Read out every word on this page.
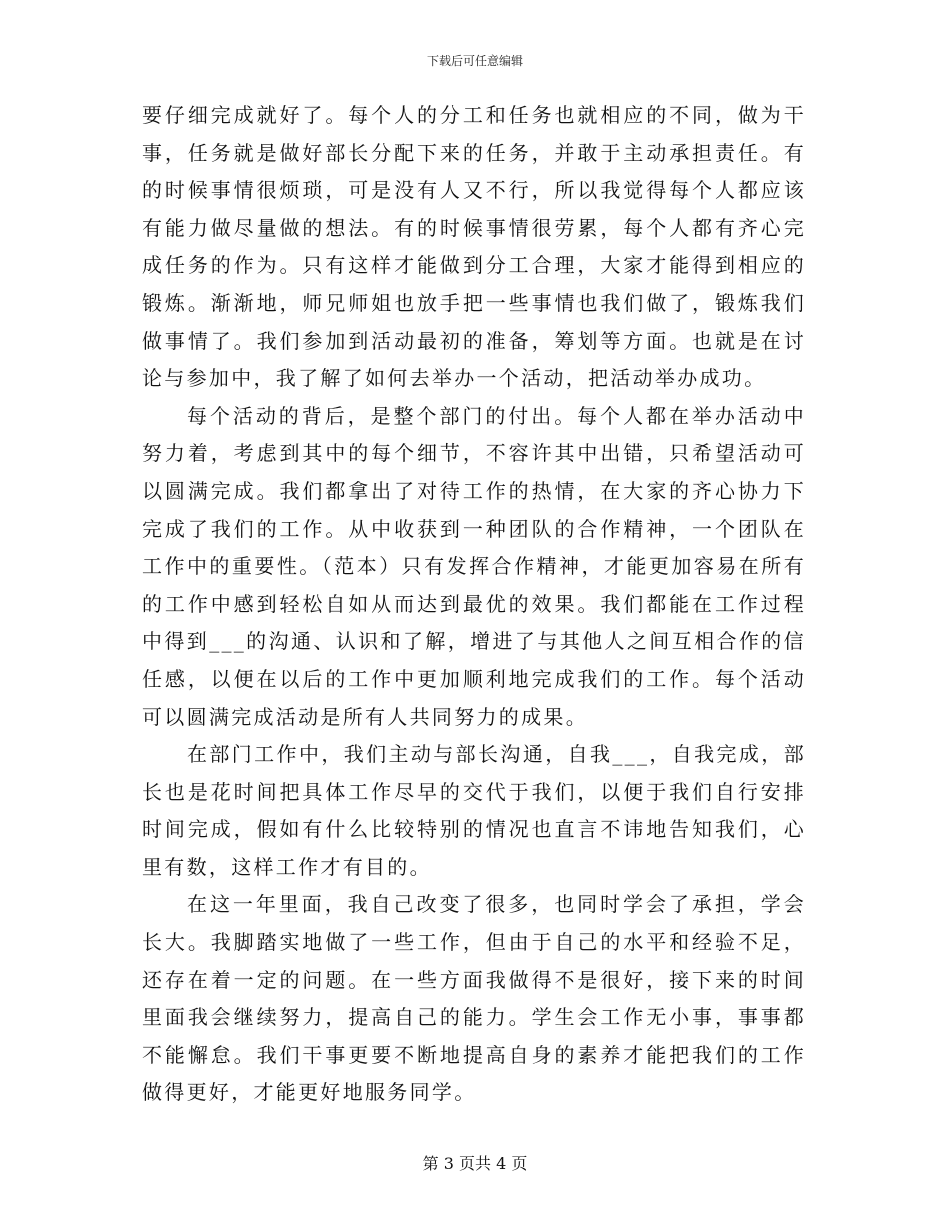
下载后可任意编辑

要仔细完成就好了。每个人的分工和任务也就相应的不同，做为干事，任务就是做好部长分配下来的任务，并敢于主动承担责任。有的时候事情很烦琐，可是没有人又不行，所以我觉得每个人都应该有能力做尽量做的想法。有的时候事情很劳累，每个人都有齐心完成任务的作为。只有这样才能做到分工合理，大家才能得到相应的锻炼。渐渐地，师兄师姐也放手把一些事情也我们做了，锻炼我们做事情了。我们参加到活动最初的准备，筹划等方面。也就是在讨论与参加中，我了解了如何去举办一个活动，把活动举办成功。

每个活动的背后，是整个部门的付出。每个人都在举办活动中努力着，考虑到其中的每个细节，不容许其中出错，只希望活动可以圆满完成。我们都拿出了对待工作的热情，在大家的齐心协力下完成了我们的工作。从中收获到一种团队的合作精神，一个团队在工作中的重要性。（范本）只有发挥合作精神，才能更加容易在所有的工作中感到轻松自如从而达到最优的效果。我们都能在工作过程中得到___的沟通、认识和了解，增进了与其他人之间互相合作的信任感，以便在以后的工作中更加顺利地完成我们的工作。每个活动可以圆满完成活动是所有人共同努力的成果。

在部门工作中，我们主动与部长沟通，自我___，自我完成，部长也是花时间把具体工作尽早的交代于我们，以便于我们自行安排时间完成，假如有什么比较特别的情况也直言不讳地告知我们，心里有数，这样工作才有目的。

在这一年里面，我自己改变了很多，也同时学会了承担，学会长大。我脚踏实地做了一些工作，但由于自己的水平和经验不足，还存在着一定的问题。在一些方面我做得不是很好，接下来的时间里面我会继续努力，提高自己的能力。学生会工作无小事，事事都不能懈怠。我们干事更要不断地提高自身的素养才能把我们的工作做得更好，才能更好地服务同学。

第 3 页共 4 页
